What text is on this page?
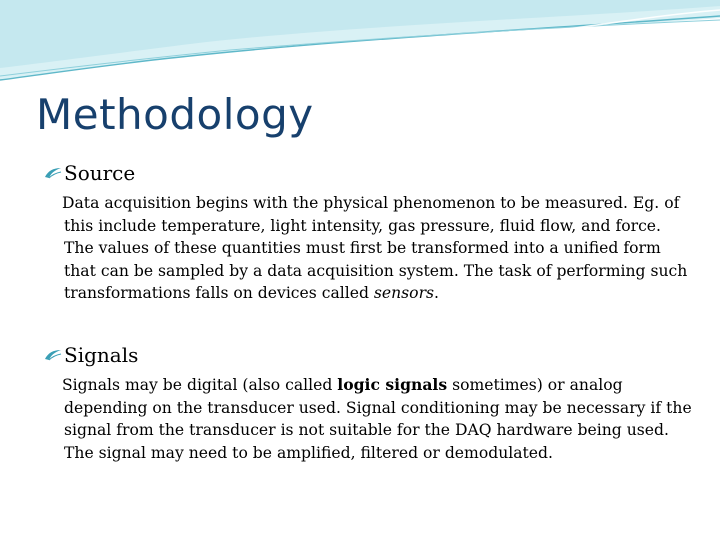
Methodology
Source

Data acquisition begins with the physical phenomenon to be measured. Eg. of this include temperature, light intensity, gas pressure, fluid flow, and force. The values of these quantities must first be transformed into a unified form that can be sampled by a data acquisition system. The task of performing such transformations falls on devices called sensors.

Signals

Signals may be digital (also called logic signals sometimes) or analog depending on the transducer used. Signal conditioning may be necessary if the signal from the transducer is not suitable for the DAQ hardware being used. The signal may need to be amplified, filtered or demodulated.
